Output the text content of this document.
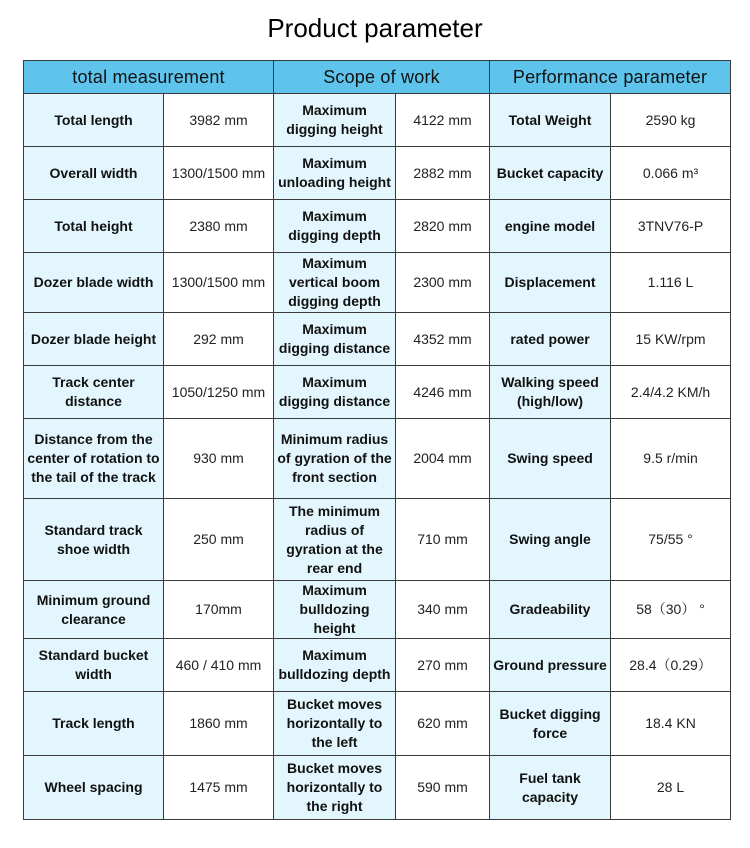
Product parameter
total measurement		Scope of work		Performance parameter	
Total length	3982 mm	Maximum digging height	4122 mm	Total Weight	2590 kg
Overall width	1300/1500 mm	Maximum unloading height	2882 mm	Bucket capacity	0.066 m³
Total height	2380 mm	Maximum digging depth	2820 mm	engine model	3TNV76-P
Dozer blade width	1300/1500 mm	Maximum vertical boom digging depth	2300 mm	Displacement	1.116 L
Dozer blade height	292 mm	Maximum digging distance	4352 mm	rated power	15 KW/rpm
Track center distance	1050/1250 mm	Maximum digging distance	4246 mm	Walking speed (high/low)	2.4/4.2 KM/h
Distance from the center of rotation to the tail of the track	930 mm	Minimum radius of gyration of the front section	2004 mm	Swing speed	9.5 r/min
Standard track shoe width	250 mm	The minimum radius of gyration at the rear end	710 mm	Swing angle	75/55 °
Minimum ground clearance	170mm	Maximum bulldozing height	340 mm	Gradeability	58（30） °
Standard bucket width	460 / 410 mm	Maximum bulldozing depth	270 mm	Ground pressure	28.4（0.29）
Track length	1860 mm	Bucket moves horizontally to the left	620 mm	Bucket digging force	18.4 KN
Wheel spacing	1475 mm	Bucket moves horizontally to the right	590 mm	Fuel tank capacity	28 L
